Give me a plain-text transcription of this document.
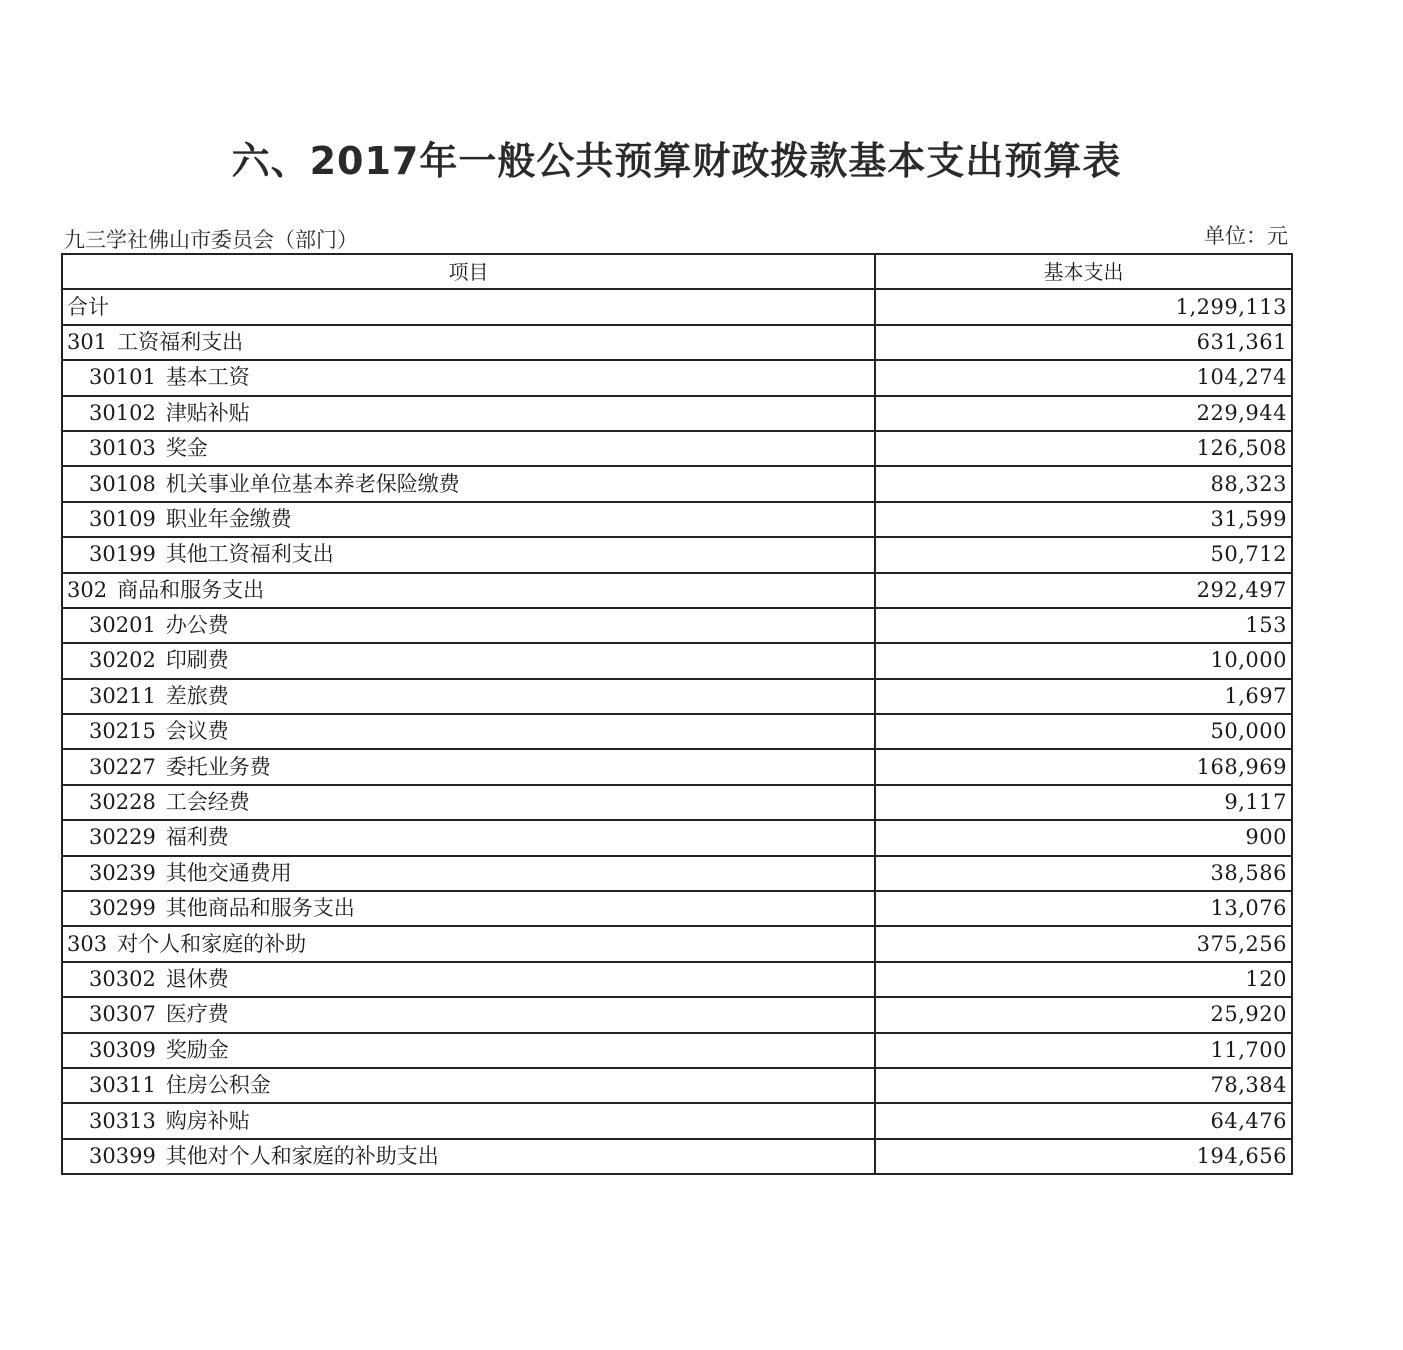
六、2017年一般公共预算财政拨款基本支出预算表
九三学社佛山市委员会（部门）	单位：元
项目	基本支出
合计	1,299,113
301 工资福利支出	631,361
30101 基本工资	104,274
30102 津贴补贴	229,944
30103 奖金	126,508
30108 机关事业单位基本养老保险缴费	88,323
30109 职业年金缴费	31,599
30199 其他工资福利支出	50,712
302 商品和服务支出	292,497
30201 办公费	153
30202 印刷费	10,000
30211 差旅费	1,697
30215 会议费	50,000
30227 委托业务费	168,969
30228 工会经费	9,117
30229 福利费	900
30239 其他交通费用	38,586
30299 其他商品和服务支出	13,076
303 对个人和家庭的补助	375,256
30302 退休费	120
30307 医疗费	25,920
30309 奖励金	11,700
30311 住房公积金	78,384
30313 购房补贴	64,476
30399 其他对个人和家庭的补助支出	194,656
